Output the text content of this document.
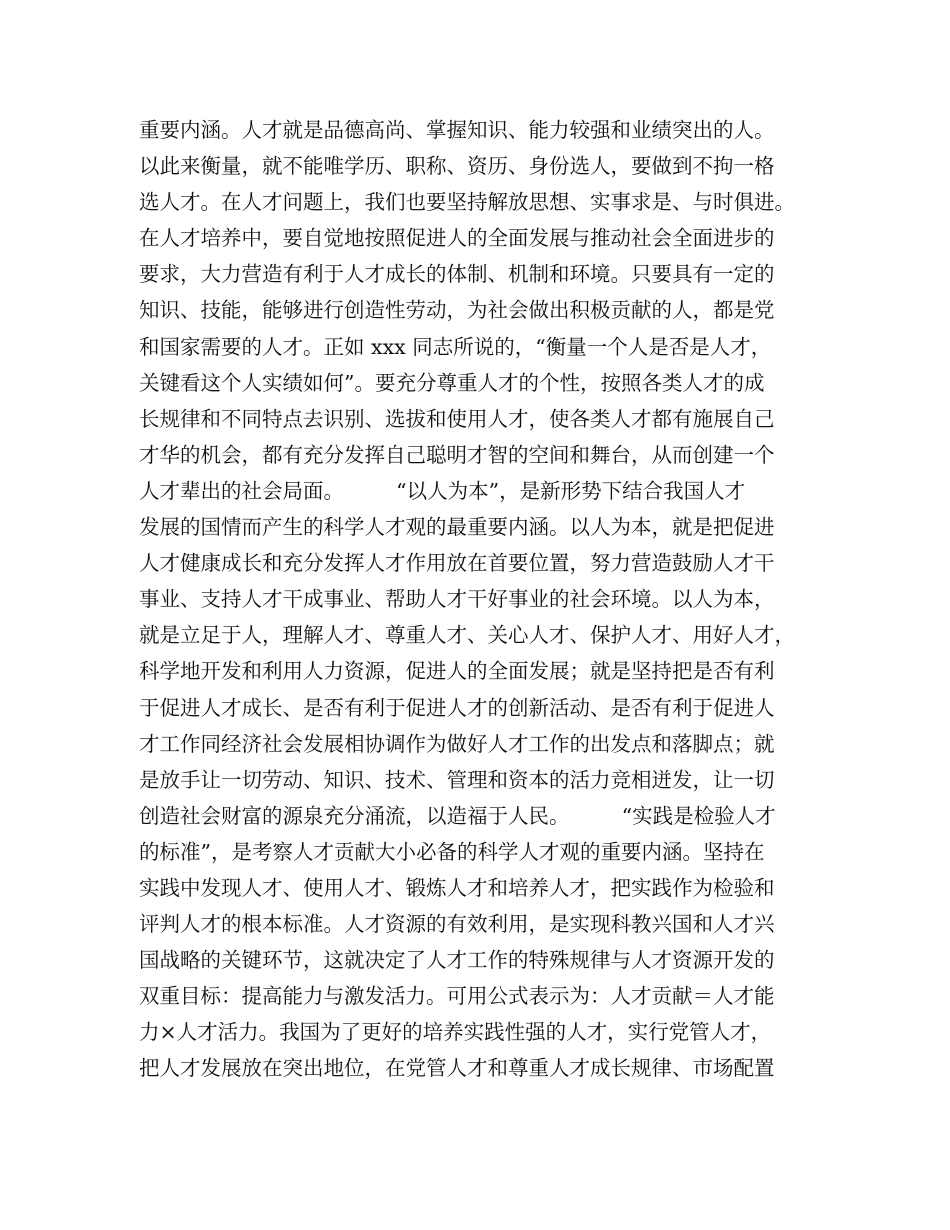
重要内涵。人才就是品德高尚、掌握知识、能力较强和业绩突出的人。
以此来衡量，就不能唯学历、职称、资历、身份选人，要做到不拘一格
选人才。在人才问题上，我们也要坚持解放思想、实事求是、与时俱进。
在人才培养中，要自觉地按照促进人的全面发展与推动社会全面进步的
要求，大力营造有利于人才成长的体制、机制和环境。只要具有一定的
知识、技能，能够进行创造性劳动，为社会做出积极贡献的人，都是党
和国家需要的人才。正如 xxx 同志所说的，“衡量一个人是否是人才，
关键看这个人实绩如何”。要充分尊重人才的个性，按照各类人才的成
长规律和不同特点去识别、选拔和使用人才，使各类人才都有施展自己
才华的机会，都有充分发挥自己聪明才智的空间和舞台，从而创建一个
人才辈出的社会局面。        “以人为本”，是新形势下结合我国人才
发展的国情而产生的科学人才观的最重要内涵。以人为本，就是把促进
人才健康成长和充分发挥人才作用放在首要位置，努力营造鼓励人才干
事业、支持人才干成事业、帮助人才干好事业的社会环境。以人为本，
就是立足于人，理解人才、尊重人才、关心人才、保护人才、用好人才，
科学地开发和利用人力资源，促进人的全面发展；就是坚持把是否有利
于促进人才成长、是否有利于促进人才的创新活动、是否有利于促进人
才工作同经济社会发展相协调作为做好人才工作的出发点和落脚点；就
是放手让一切劳动、知识、技术、管理和资本的活力竞相迸发，让一切
创造社会财富的源泉充分涌流，以造福于人民。        “实践是检验人才
的标准”，是考察人才贡献大小必备的科学人才观的重要内涵。坚持在
实践中发现人才、使用人才、锻炼人才和培养人才，把实践作为检验和
评判人才的根本标准。人才资源的有效利用，是实现科教兴国和人才兴
国战略的关键环节，这就决定了人才工作的特殊规律与人才资源开发的
双重目标：提高能力与激发活力。可用公式表示为：人才贡献＝人才能
力×人才活力。我国为了更好的培养实践性强的人才，实行党管人才，
把人才发展放在突出地位，在党管人才和尊重人才成长规律、市场配置
